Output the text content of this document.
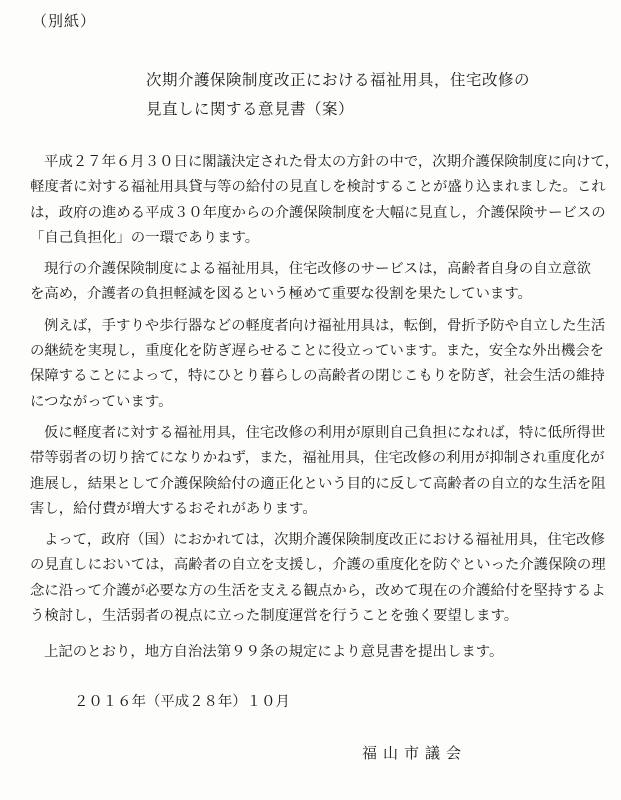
（別紙）
次期介護保険制度改正における福祉用具，住宅改修の
見直しに関する意見書（案）
平成２７年６月３０日に閣議決定された骨太の方針の中で，次期介護保険制度に向けて，
軽度者に対する福祉用具貸与等の給付の見直しを検討することが盛り込まれました。これ
は，政府の進める平成３０年度からの介護保険制度を大幅に見直し，介護保険サービスの
「自己負担化」の一環であります。
現行の介護保険制度による福祉用具，住宅改修のサービスは，高齢者自身の自立意欲
を高め，介護者の負担軽減を図るという極めて重要な役割を果たしています。
例えば，手すりや歩行器などの軽度者向け福祉用具は，転倒，骨折予防や自立した生活
の継続を実現し，重度化を防ぎ遅らせることに役立っています。また，安全な外出機会を
保障することによって，特にひとり暮らしの高齢者の閉じこもりを防ぎ，社会生活の維持
につながっています。
仮に軽度者に対する福祉用具，住宅改修の利用が原則自己負担になれば，特に低所得世
帯等弱者の切り捨てになりかねず，また，福祉用具，住宅改修の利用が抑制され重度化が
進展し，結果として介護保険給付の適正化という目的に反して高齢者の自立的な生活を阻
害し，給付費が増大するおそれがあります。
よって，政府（国）におかれては，次期介護保険制度改正における福祉用具，住宅改修
の見直しにおいては，高齢者の自立を支援し，介護の重度化を防ぐといった介護保険の理
念に沿って介護が必要な方の生活を支える観点から，改めて現在の介護給付を堅持するよ
う検討し，生活弱者の視点に立った制度運営を行うことを強く要望します。
上記のとおり，地方自治法第９９条の規定により意見書を提出します。
２０１６年（平成２８年）１０月
福山市議会
